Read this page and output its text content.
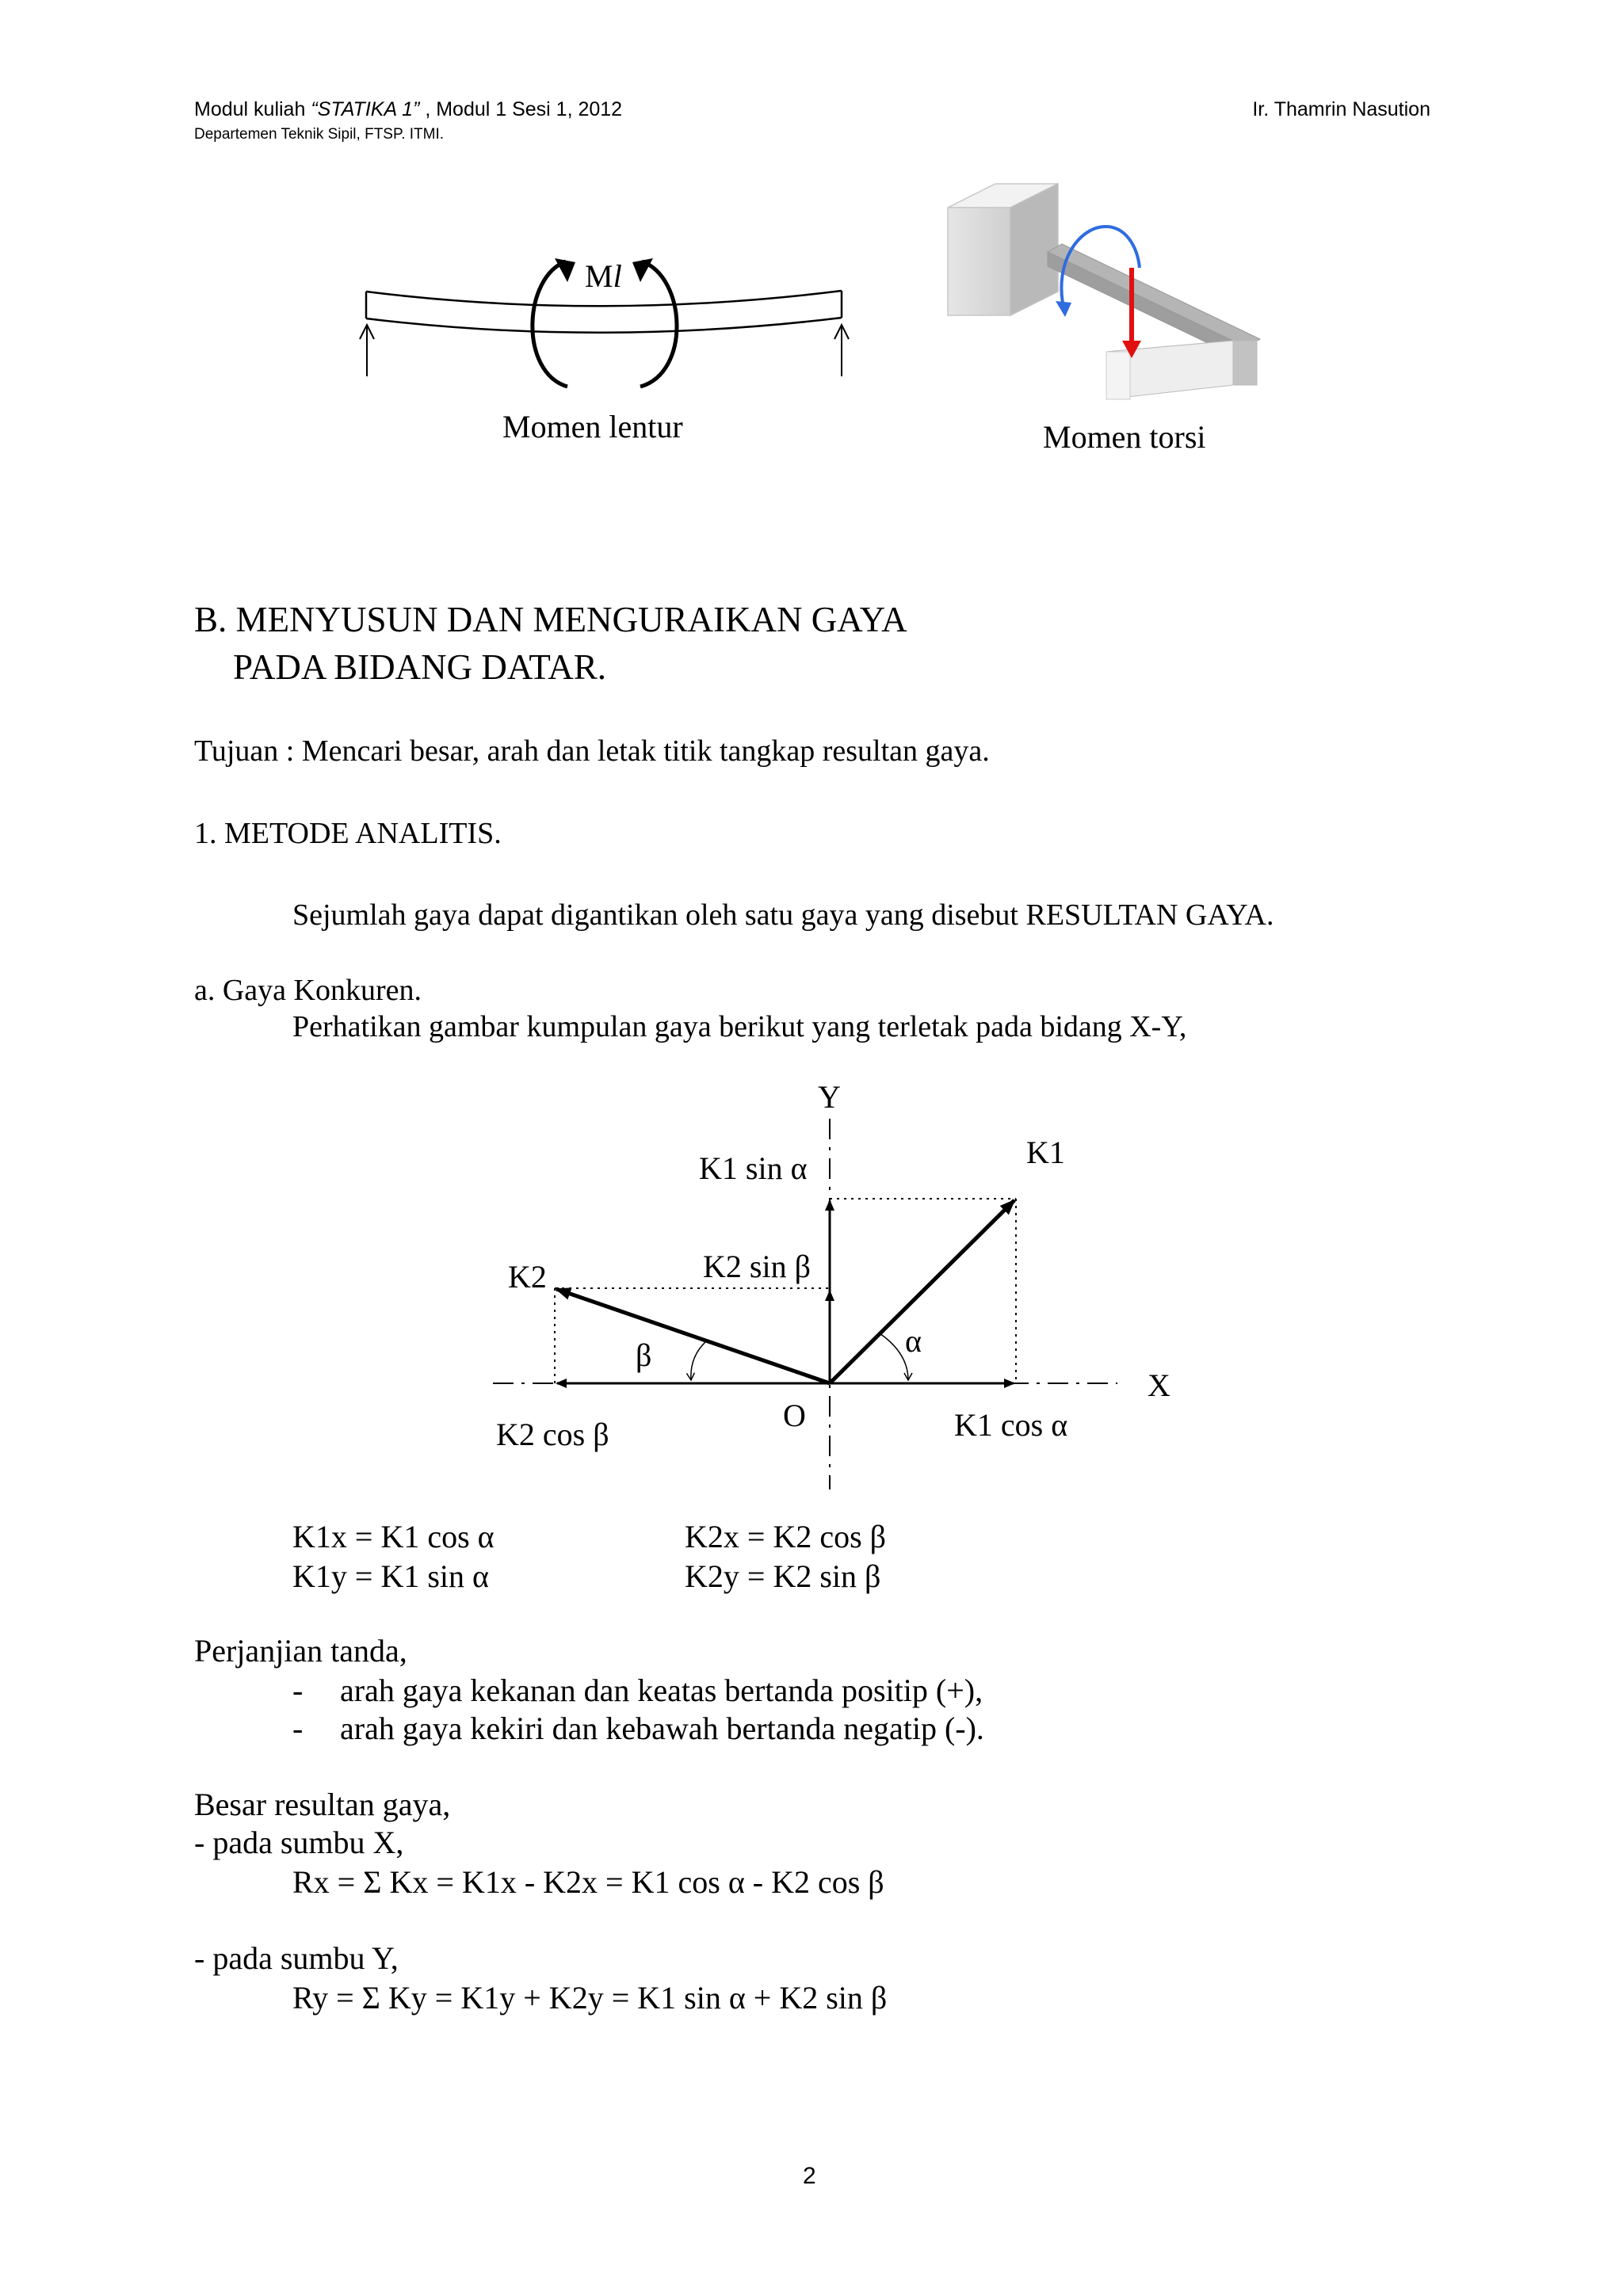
Modul kuliah “STATIKA 1” , Modul 1 Sesi 1, 2012
Departemen Teknik Sipil, FTSP. ITMI.
Ir. Thamrin Nasution
Ml
Momen lentur	Momen torsi
B. MENYUSUN DAN MENGURAIKAN GAYA
PADA BIDANG DATAR.
Tujuan : Mencari besar, arah dan letak titik tangkap resultan gaya.
1. METODE ANALITIS.
Sejumlah gaya dapat digantikan oleh satu gaya yang disebut RESULTAN GAYA.
a. Gaya Konkuren.
Perhatikan gambar kumpulan gaya berikut yang terletak pada bidang X-Y,
Y
X
O
K1
K2
K1 sin α
K2 sin β
K1 cos α
K2 cos β
α
β
K1x = K1 cos α
K1y = K1 sin α
K2x = K2 cos β
K2y = K2 sin β
Perjanjian tanda,
- arah gaya kekanan dan keatas bertanda positip (+),
- arah gaya kekiri dan kebawah bertanda negatip (-).
Besar resultan gaya,
- pada sumbu X,
Rx = Σ Kx = K1x - K2x = K1 cos α - K2 cos β
- pada sumbu Y,
Ry = Σ Ky = K1y + K2y = K1 sin α + K2 sin β
2
